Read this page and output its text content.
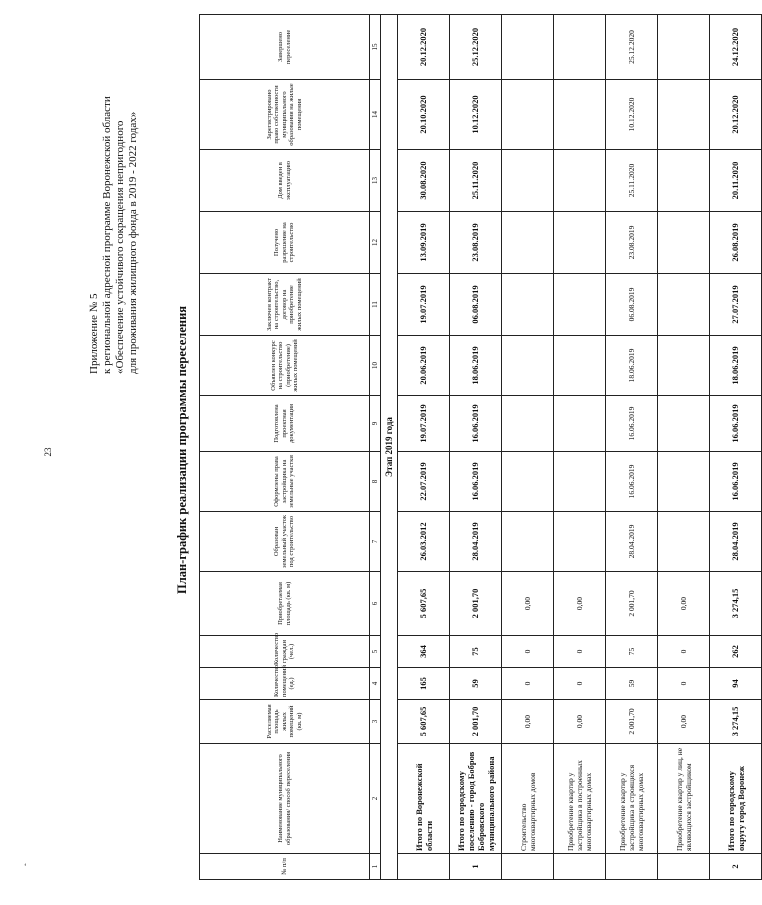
23
Приложение № 5 к региональной адресной программе Воронежской области «Обеспечение устойчивого сокращения непригодного для проживания жилищного фонда в 2019 - 2022 годах»
План-график реализации программы переселения
№ п/п	Наименование муниципального образования/ способ переселения	Расселяемая площадь жилых помещений (кв. м)	Количество помещений (ед.)	Количество граждан (чел.)	Приобретаемая площадь (кв. м)	Образован земельный участок под строительство	Оформлены права застройщика на земельные участки	Подготовлена проектная документация	Объявлен конкурс на строительство (приобретение) жилых помещений	Заключен контракт на строительство, договор на приобретение жилых помещений	Получено разрешение на строительство	Дом введен в эксплуатацию	Зарегистрировано право собственности муниципального образования на жилые помещения	Завершено переселение
1	2	3	4	5	6	7	8	9	10	11	12	13	14	15
Этап 2019 года														
	Итого по Воронежской области	5 607,65	165	364	5 607,65	26.03.2012	22.07.2019	19.07.2019	20.06.2019	19.07.2019	13.09.2019	30.08.2020	20.10.2020	20.12.2020
1	Итого по городскому поселению - город Бобров Бобровского муниципального района	2 001,70	59	75	2 001,70	28.04.2019	16.06.2019	16.06.2019	18.06.2019	06.08.2019	23.08.2019	25.11.2020	10.12.2020	25.12.2020
	Строительство многоквартирных домов	0,00	0	0	0,00									
	Приобретение квартир у застройщика в построенных многоквартирных домах	0,00	0	0	0,00									
	Приобретение квартир у застройщика в строящихся многоквартирных домах	2 001,70	59	75	2 001,70	28.04.2019	16.06.2019	16.06.2019	18.06.2019	06.08.2019	23.08.2019	25.11.2020	10.12.2020	25.12.2020
	Приобретение квартир у лиц, не являющихся застройщиком	0,00	0	0	0,00									
2	Итого по городскому округу город Воронеж	3 274,15	94	262	3 274,15	28.04.2019	16.06.2019	16.06.2019	18.06.2019	27.07.2019	26.08.2019	20.11.2020	20.12.2020	24.12.2020
‘
